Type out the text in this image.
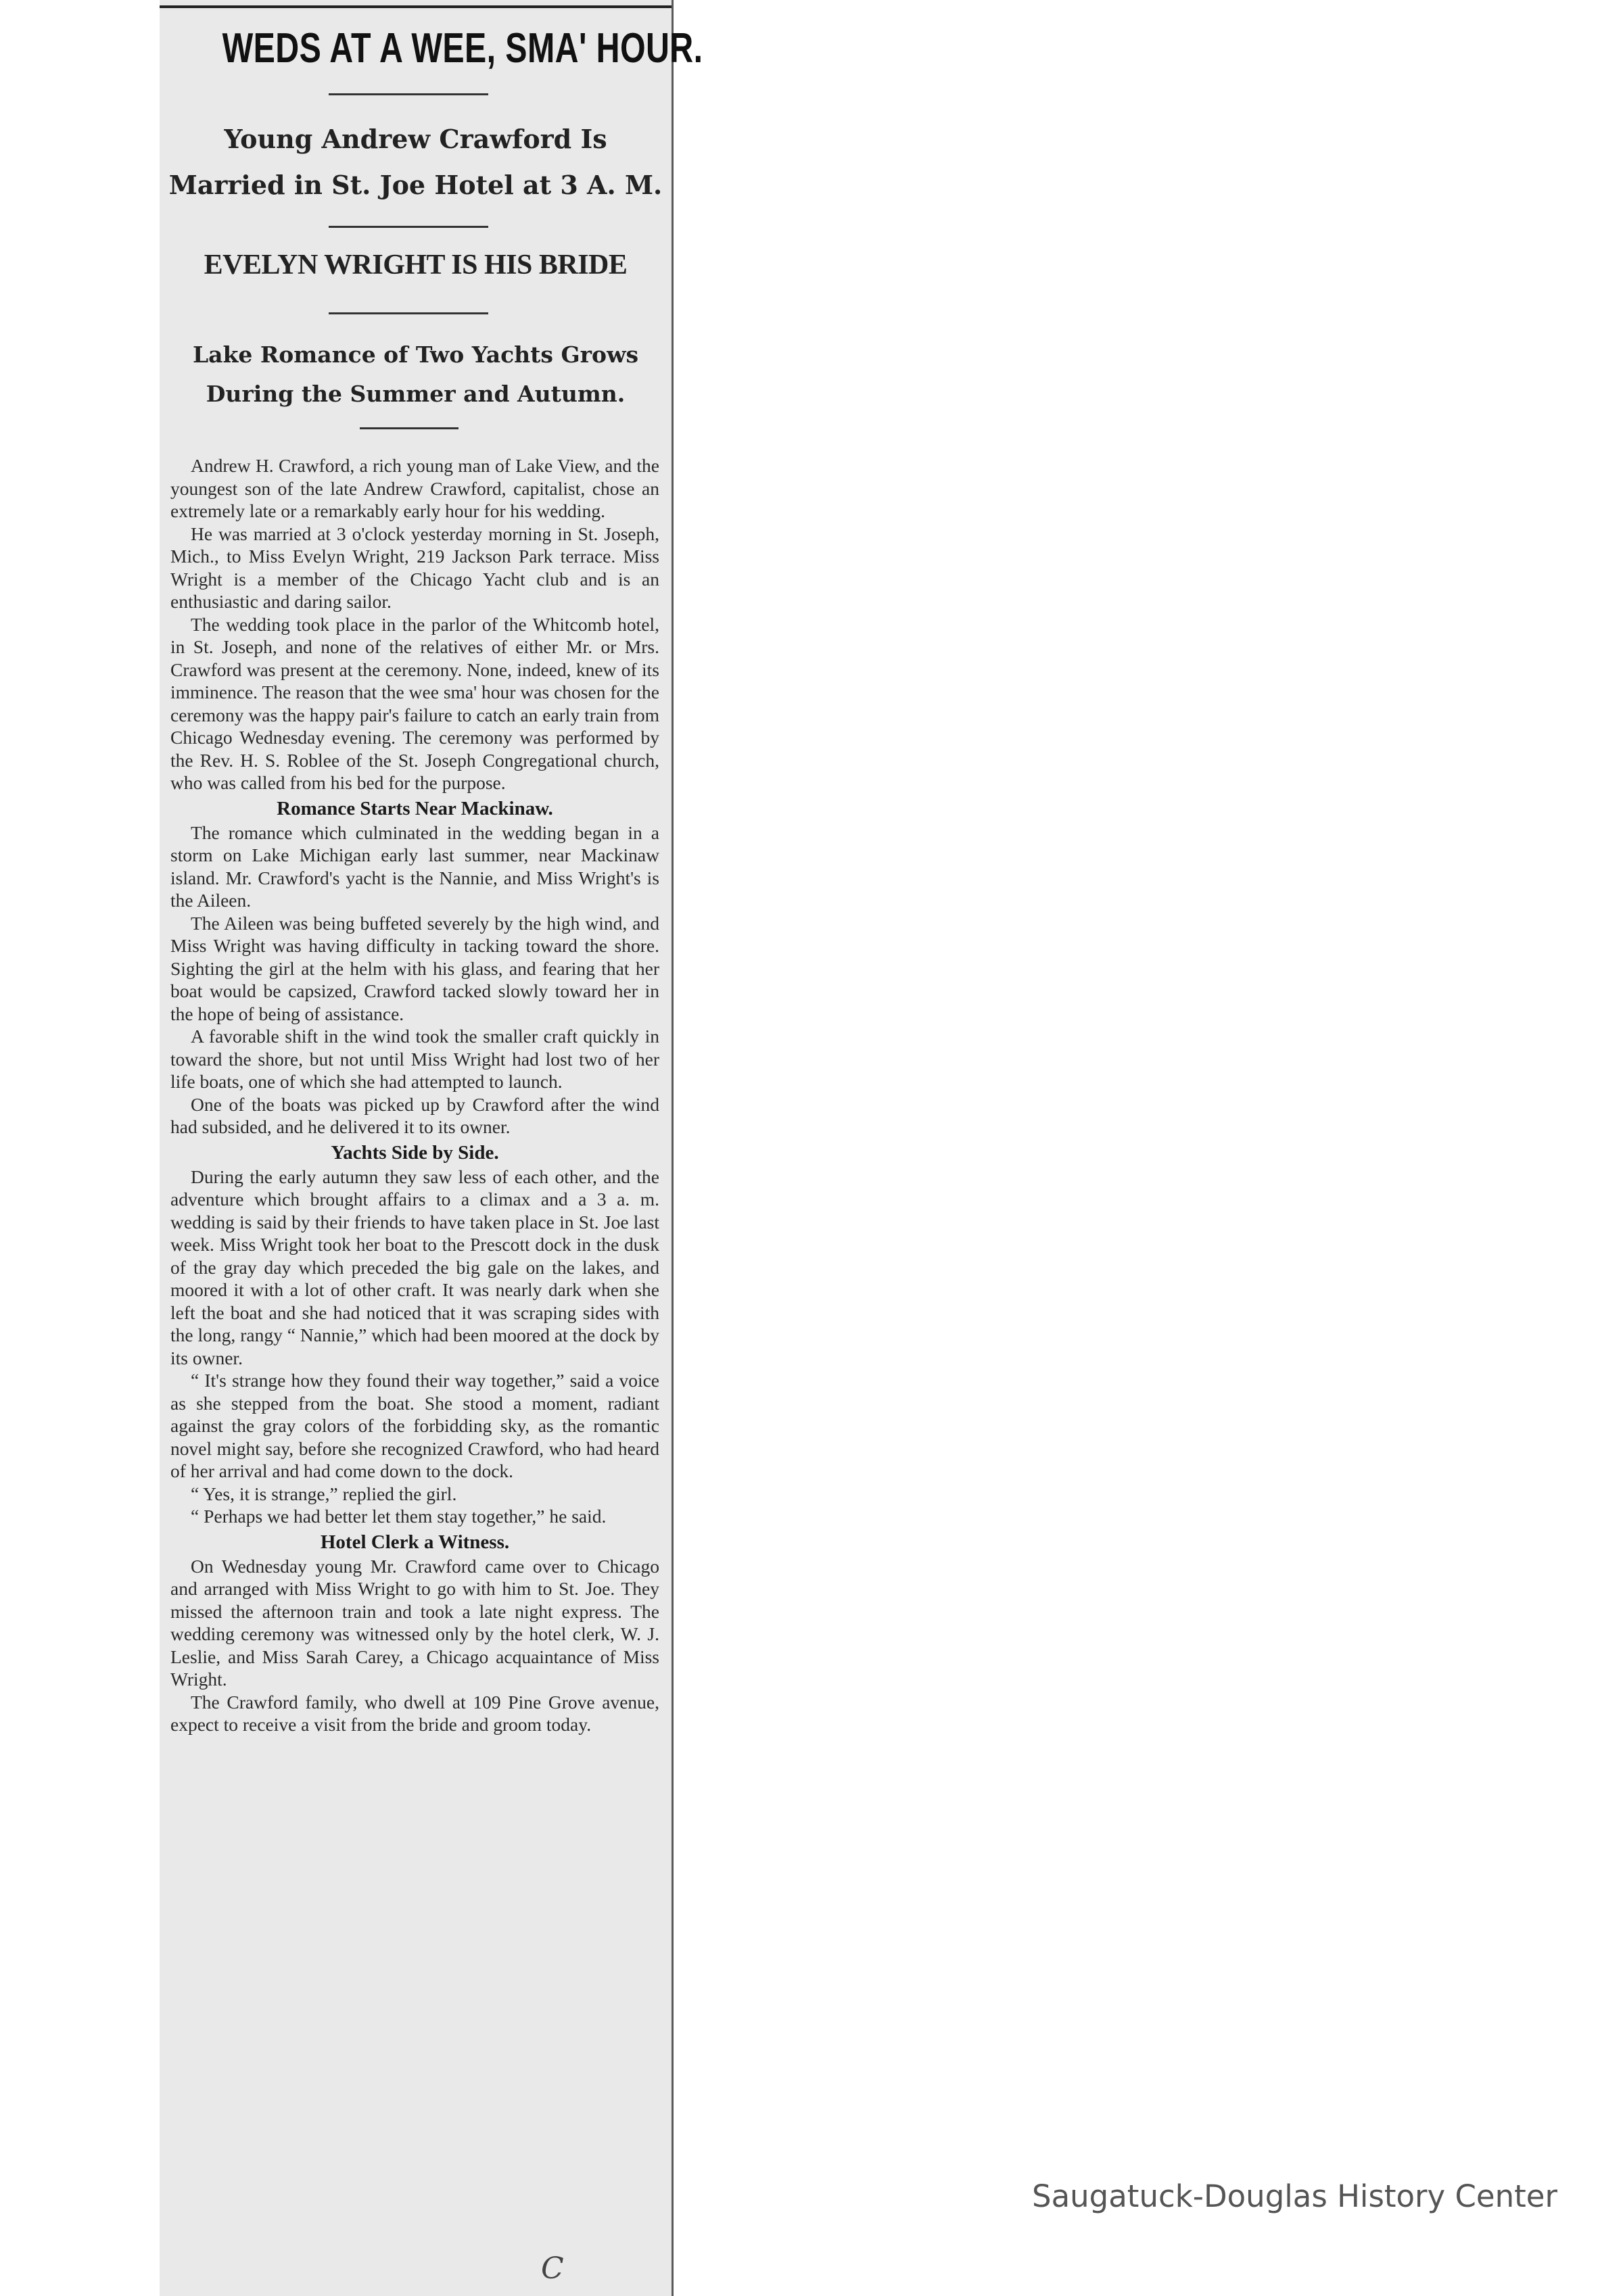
WEDS AT A WEE, SMA' HOUR.
Young Andrew Crawford Is Married in St. Joe Hotel at 3 A. M.
EVELYN WRIGHT IS HIS BRIDE
Lake Romance of Two Yachts Grows During the Summer and Autumn.

Andrew H. Crawford, a rich young man of Lake View, and the youngest son of the late Andrew Crawford, capitalist, chose an extremely late or a remarkably early hour for his wedding.

He was married at 3 o'clock yesterday morning in St. Joseph, Mich., to Miss Evelyn Wright, 219 Jackson Park terrace. Miss Wright is a member of the Chicago Yacht club and is an enthusiastic and daring sailor.

The wedding took place in the parlor of the Whitcomb hotel, in St. Joseph, and none of the relatives of either Mr. or Mrs. Crawford was present at the ceremony. None, indeed, knew of its imminence. The reason that the wee sma' hour was chosen for the ceremony was the happy pair's failure to catch an early train from Chicago Wednesday evening. The ceremony was performed by the Rev. H. S. Roblee of the St. Joseph Congregational church, who was called from his bed for the purpose.

Romance Starts Near Mackinaw.

The romance which culminated in the wedding began in a storm on Lake Michigan early last summer, near Mackinaw island. Mr. Crawford's yacht is the Nannie, and Miss Wright's is the Aileen.

The Aileen was being buffeted severely by the high wind, and Miss Wright was having difficulty in tacking toward the shore. Sighting the girl at the helm with his glass, and fearing that her boat would be capsized, Crawford tacked slowly toward her in the hope of being of assistance.

A favorable shift in the wind took the smaller craft quickly in toward the shore, but not until Miss Wright had lost two of her life boats, one of which she had attempted to launch.

One of the boats was picked up by Crawford after the wind had subsided, and he delivered it to its owner.

Yachts Side by Side.

During the early autumn they saw less of each other, and the adventure which brought affairs to a climax and a 3 a. m. wedding is said by their friends to have taken place in St. Joe last week. Miss Wright took her boat to the Prescott dock in the dusk of the gray day which preceded the big gale on the lakes, and moored it with a lot of other craft. It was nearly dark when she left the boat and she had noticed that it was scraping sides with the long, rangy “ Nannie,” which had been moored at the dock by its owner.

“ It's strange how they found their way together,” said a voice as she stepped from the boat. She stood a moment, radiant against the gray colors of the forbidding sky, as the romantic novel might say, before she recognized Crawford, who had heard of her arrival and had come down to the dock.

“ Yes, it is strange,” replied the girl.

“ Perhaps we had better let them stay together,” he said.

Hotel Clerk a Witness.

On Wednesday young Mr. Crawford came over to Chicago and arranged with Miss Wright to go with him to St. Joe. They missed the afternoon train and took a late night express. The wedding ceremony was witnessed only by the hotel clerk, W. J. Leslie, and Miss Sarah Carey, a Chicago acquaintance of Miss Wright.

The Crawford family, who dwell at 109 Pine Grove avenue, expect to receive a visit from the bride and groom today.

𝐶
Saugatuck-Douglas History Center
